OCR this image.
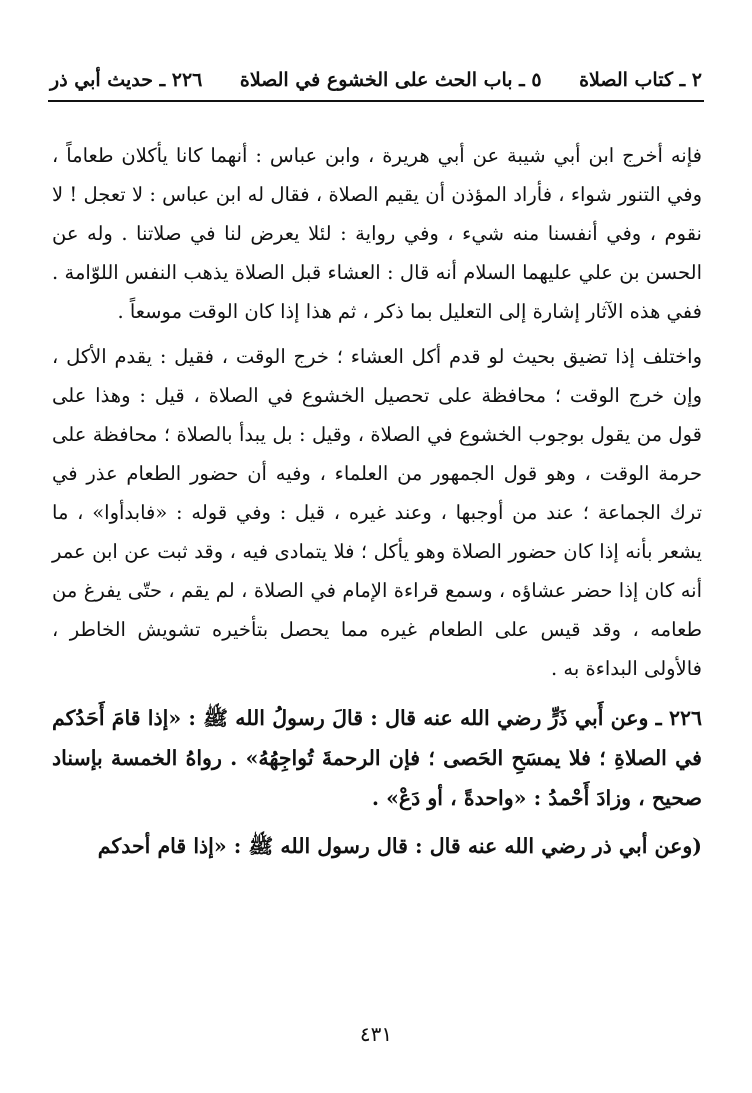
٢ ـ كتاب الصلاة
٥ ـ باب الحث على الخشوع في الصلاة
٢٢٦ ـ حديث أبي ذر

فإنه أخرج ابن أبي شيبة عن أبي هريرة ، وابن عباس : أنهما كانا يأكلان طعاماً ، وفي التنور شواء ، فأراد المؤذن أن يقيم الصلاة ، فقال له ابن عباس : لا تعجل ! لا نقوم ، وفي أنفسنا منه شيء ، وفي رواية : لئلا يعرض لنا في صلاتنا . وله عن الحسن بن علي عليهما السلام أنه قال : العشاء قبل الصلاة يذهب النفس اللوّامة . ففي هذه الآثار إشارة إلى التعليل بما ذكر ، ثم هذا إذا كان الوقت موسعاً .

واختلف إذا تضيق بحيث لو قدم أكل العشاء ؛ خرج الوقت ، فقيل : يقدم الأكل ، وإن خرج الوقت ؛ محافظة على تحصيل الخشوع في الصلاة ، قيل : وهذا على قول من يقول بوجوب الخشوع في الصلاة ، وقيل : بل يبدأ بالصلاة ؛ محافظة على حرمة الوقت ، وهو قول الجمهور من العلماء ، وفيه أن حضور الطعام عذر في ترك الجماعة ؛ عند من أوجبها ، وعند غيره ، قيل : وفي قوله : «فابدأوا» ، ما يشعر بأنه إذا كان حضور الصلاة وهو يأكل ؛ فلا يتمادى فيه ، وقد ثبت عن ابن عمر أنه كان إذا حضر عشاؤه ، وسمع قراءة الإمام في الصلاة ، لم يقم ، حتّى يفرغ من طعامه ، وقد قيس على الطعام غيره مما يحصل بتأخيره تشويش الخاطر ، فالأولى البداءة به .

٢٢٦ ـ وعن أَبي ذَرٍّ رضي الله عنه قال : قالَ رسولُ الله ﷺ : «إذا قامَ أَحَدُكم في الصلاةِ ؛ فلا يمسَحِ الحَصى ؛ فإن الرحمةَ تُواجِهُهُ» . رواهُ الخمسة بإسناد صحيح ، وزادَ أَحْمدُ : «واحدةً ، أو دَعْ» .

(وعن أبي ذر رضي الله عنه قال : قال رسول الله ﷺ : «إذا قام أحدكم

٤٣١
